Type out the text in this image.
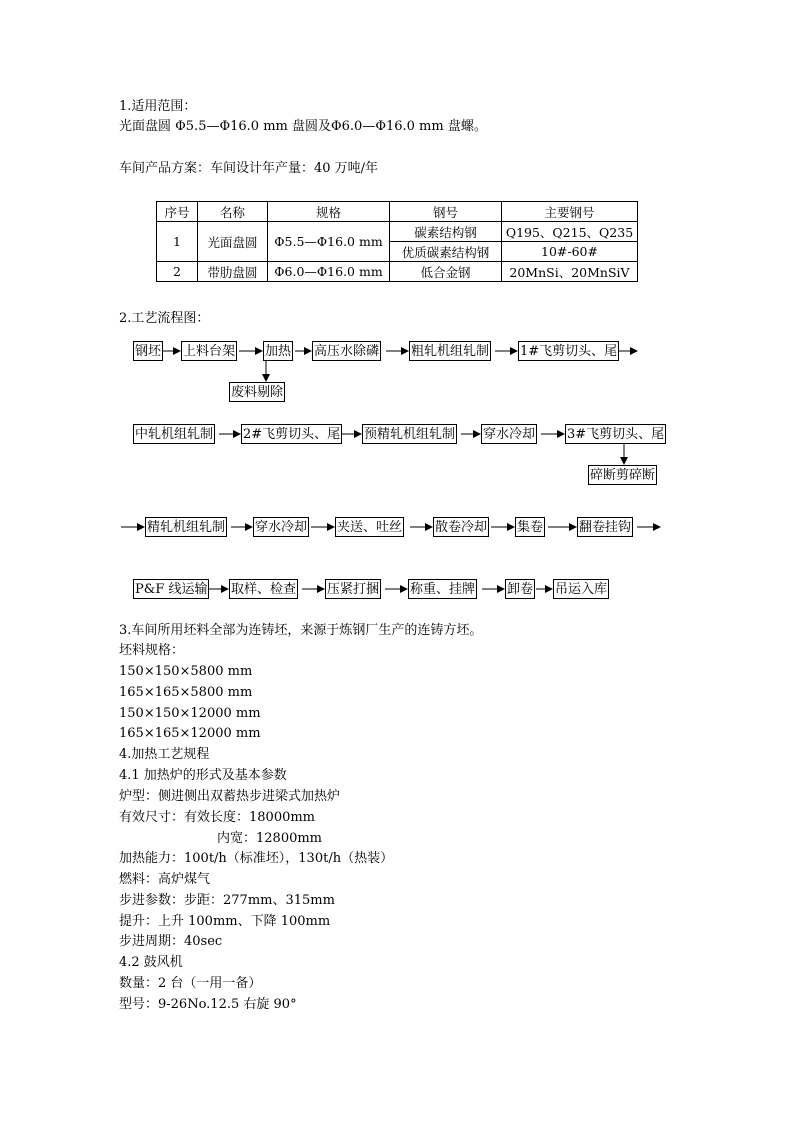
1.适用范围：
光面盘圆 Φ5.5—Φ16.0 mm 盘圆及Φ6.0—Φ16.0 mm 盘螺。
车间产品方案：车间设计年产量：40 万吨/年
序号	名称	规格	钢号	主要钢号
1	光面盘圆	Φ5.5—Φ16.0 mm	碳素结构钢	Q195、Q215、Q235
			优质碳素结构钢	10#-60#
2	带肋盘圆	Φ6.0—Φ16.0 mm	低合金钢	20MnSi、20MnSiV
2.工艺流程图：
钢坯 上料台架 加热 高压水除磷 粗轧机组轧制 1#飞剪切头、尾
废料剔除
中轧机组轧制 2#飞剪切头、尾 预精轧机组轧制 穿水冷却 3#飞剪切头、尾
碎断剪碎断
精轧机组轧制 穿水冷却 夹送、吐丝	散卷冷却 集卷	翻卷挂钩
P&F 线运输 取样、检查 压紧打捆 称重、挂牌 卸卷 吊运入库
3.车间所用坯料全部为连铸坯，来源于炼钢厂生产的连铸方坯。
坯料规格：
150×150×5800 mm
165×165×5800 mm
150×150×12000 mm
165×165×12000 mm
4.加热工艺规程
4.1 加热炉的形式及基本参数
炉型：侧进侧出双蓄热步进梁式加热炉
有效尺寸：有效长度：18000mm
内宽：12800mm
加热能力：100t/h（标准坯），130t/h（热装）
燃料：高炉煤气
步进参数：步距：277mm、315mm
提升：上升 100mm、下降 100mm
步进周期：40sec
4.2 鼓风机
数量：2 台（一用一备）
型号：9-26No.12.5 右旋 90°
